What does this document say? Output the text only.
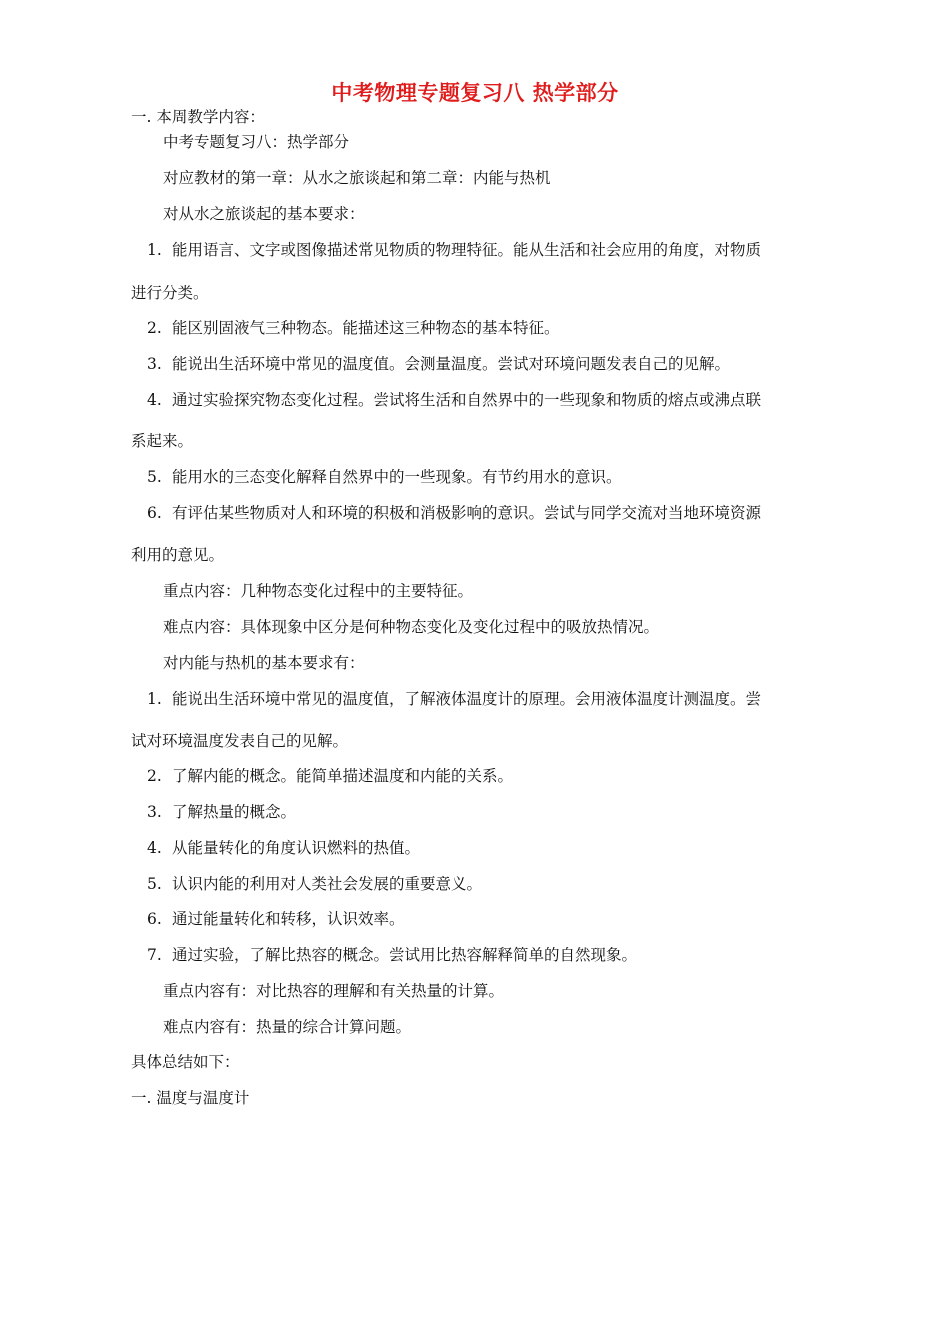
中考物理专题复习八 热学部分
一. 本周教学内容：
中考专题复习八：热学部分
对应教材的第一章：从水之旅谈起和第二章：内能与热机
对从水之旅谈起的基本要求：
1. 能用语言、文字或图像描述常见物质的物理特征。能从生活和社会应用的角度，对物质
进行分类。
2. 能区别固液气三种物态。能描述这三种物态的基本特征。
3. 能说出生活环境中常见的温度值。会测量温度。尝试对环境问题发表自己的见解。
4. 通过实验探究物态变化过程。尝试将生活和自然界中的一些现象和物质的熔点或沸点联
系起来。
5. 能用水的三态变化解释自然界中的一些现象。有节约用水的意识。
6. 有评估某些物质对人和环境的积极和消极影响的意识。尝试与同学交流对当地环境资源
利用的意见。
重点内容：几种物态变化过程中的主要特征。
难点内容：具体现象中区分是何种物态变化及变化过程中的吸放热情况。
对内能与热机的基本要求有：
1. 能说出生活环境中常见的温度值，了解液体温度计的原理。会用液体温度计测温度。尝
试对环境温度发表自己的见解。
2. 了解内能的概念。能简单描述温度和内能的关系。
3. 了解热量的概念。
4. 从能量转化的角度认识燃料的热值。
5. 认识内能的利用对人类社会发展的重要意义。
6. 通过能量转化和转移，认识效率。
7. 通过实验，了解比热容的概念。尝试用比热容解释简单的自然现象。
重点内容有：对比热容的理解和有关热量的计算。
难点内容有：热量的综合计算问题。
具体总结如下：
一. 温度与温度计
